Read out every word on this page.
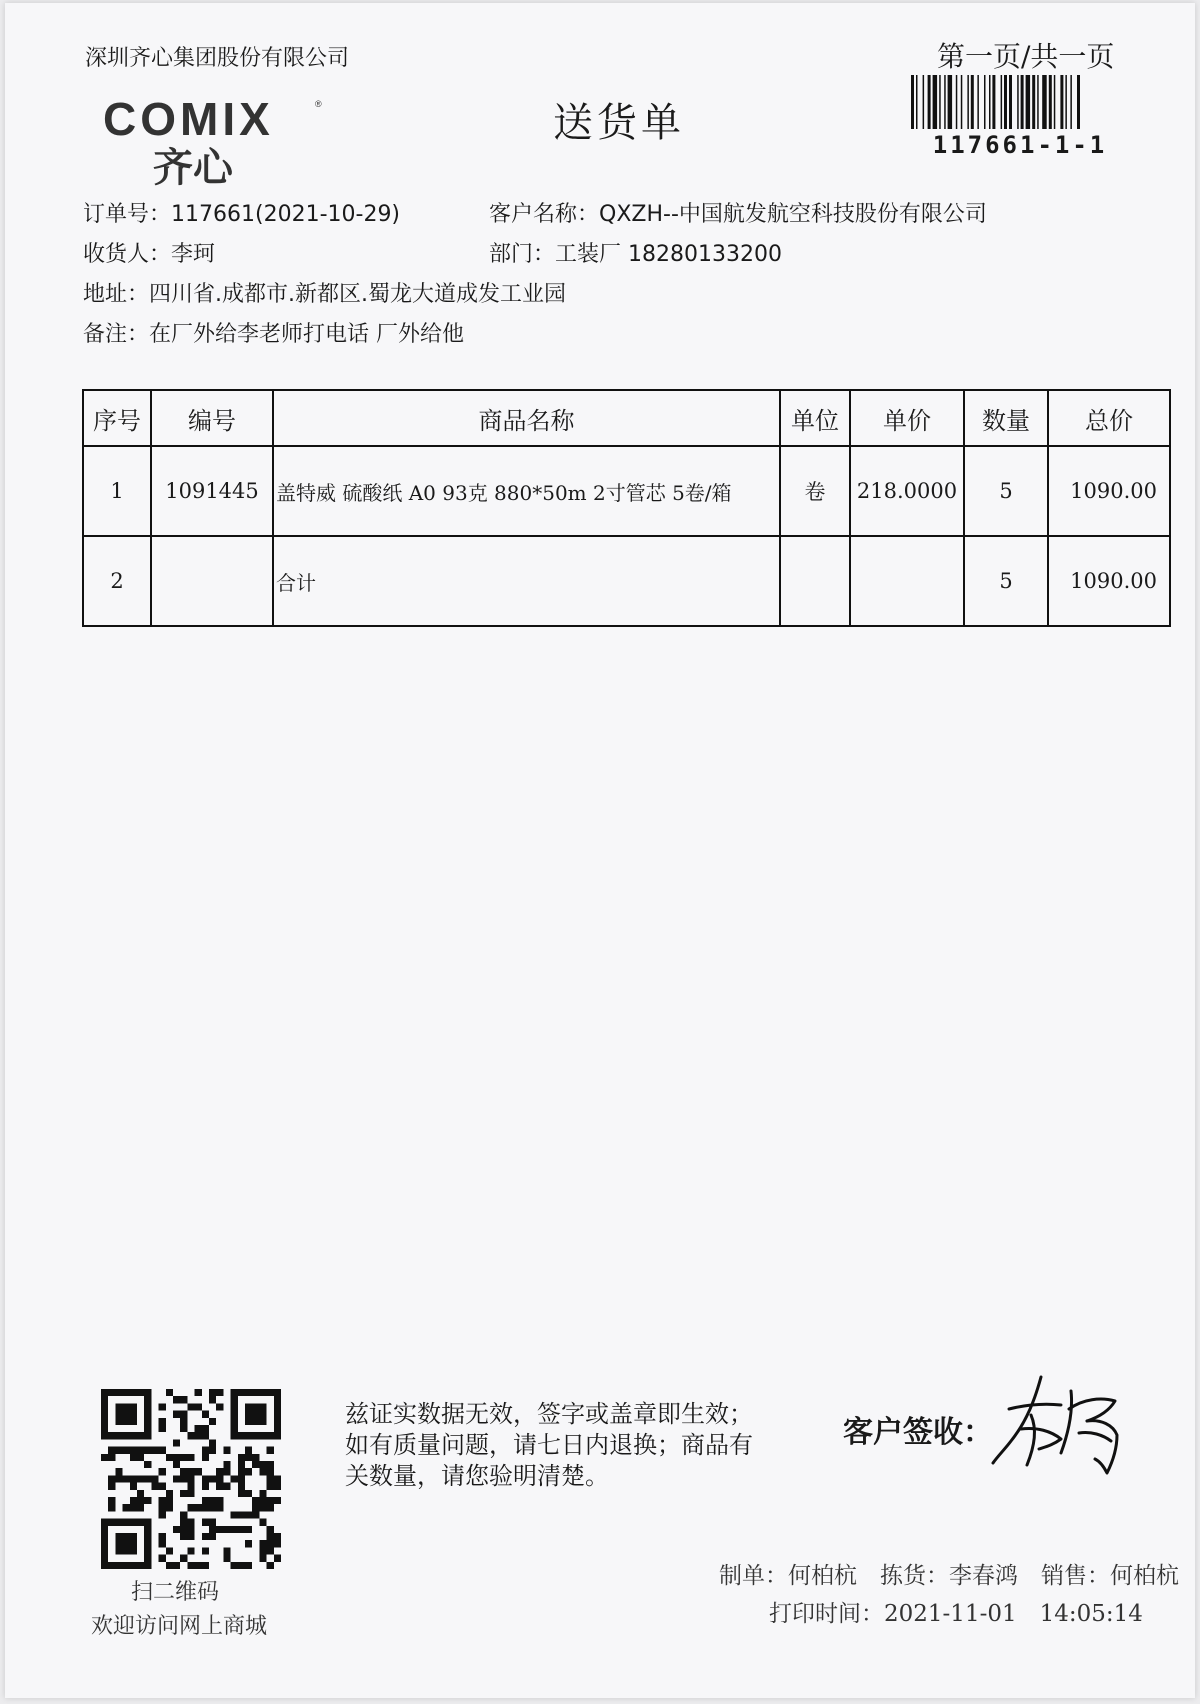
深圳齐心集团股份有限公司	第一页/共一页
COMIX	®
齐心
送货单	117661-1-1
订单号：117661(2021-10-29)	客户名称：QXZH--中国航发航空科技股份有限公司
收货人：李珂	部门：工装厂 18280133200
地址：四川省.成都市.新都区.蜀龙大道成发工业园
备注：在厂外给李老师打电话 厂外给他
序号	编号	商品名称	单位	单价	数量	总价
1	1091445	盖特威 硫酸纸 A0 93克 880*50m 2寸管芯 5卷/箱	卷	218.0000	5	1090.00
2		合计			5	1090.00
扫二维码
欢迎访问网上商城
兹证实数据无效，签字或盖章即生效；如有质量问题，请七日内退换；商品有关数量，请您验明清楚。
客户签收：
制单：何柏杭　拣货：李春鸿　销售：何柏杭
打印时间：2021-11-01　14:05:14
